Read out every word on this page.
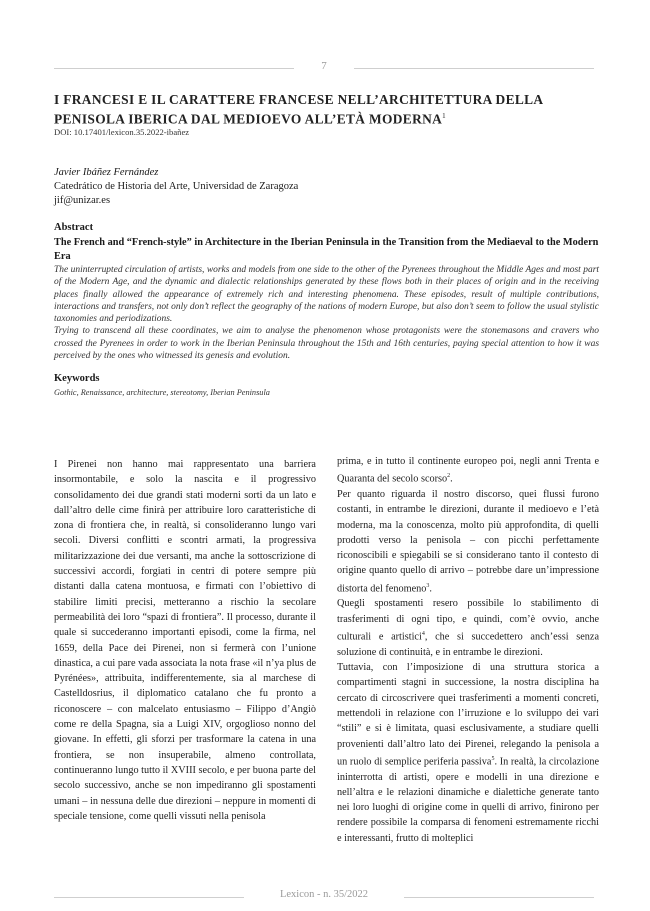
7
I FRANCESI E IL CARATTERE FRANCESE NELL’ARCHITETTURA DELLA PENISOLA IBERICA DAL MEDIOEVO ALL’ETÀ MODERNA$^1$
DOI: 10.17401/lexicon.35.2022-ibañez
Javier Ibáñez Fernández
Catedrático de Historia del Arte, Universidad de Zaragoza
jif@unizar.es
Abstract
The French and “French-style” in Architecture in the Iberian Peninsula in the Transition from the Mediaeval to the Modern Era

The uninterrupted circulation of artists, works and models from one side to the other of the Pyrenees throughout the Middle Ages and most part of the Modern Age, and the dynamic and dialectic relationships generated by these flows both in their places of origin and in the receiving places finally allowed the appearance of extremely rich and interesting phenomena. These episodes, result of multiple contributions, interactions and transfers, not only don’t reflect the geography of the nations of modern Europe, but also don’t seem to follow the usual stylistic taxonomies and periodizations.

Trying to transcend all these coordinates, we aim to analyse the phenomenon whose protagonists were the stonemasons and cravers who crossed the Pyrenees in order to work in the Iberian Peninsula throughout the 15th and 16th centuries, paying special attention to how it was perceived by the ones who witnessed its genesis and evolution.

Keywords
Gothic, Renaissance, architecture, stereotomy, Iberian Peninsula

I Pirenei non hanno mai rappresentato una barriera insormontabile, e solo la nascita e il progressivo consolidamento dei due grandi stati moderni sorti da un lato e dall’altro delle cime finirà per attribuire loro caratteristiche di zona di frontiera che, in realtà, si consolideranno lungo vari secoli. Diversi conflitti e scontri armati, la progressiva militarizzazione dei due versanti, ma anche la sottoscrizione di successivi accordi, forgiati in centri di potere sempre più distanti dalla catena montuosa, e firmati con l’obiettivo di stabilire limiti precisi, metteranno a rischio la secolare permeabilità dei loro “spazi di frontiera”. Il processo, durante il quale si succederanno importanti episodi, come la firma, nel 1659, della Pace dei Pirenei, non si fermerà con l’unione dinastica, a cui pare vada associata la nota frase «il n’ya plus de Pyrénées», attribuita, indifferentemente, sia al marchese di Castelldosrius, il diplomatico catalano che fu pronto a riconoscere – con malcelato entusiasmo – Filippo d’Angiò come re della Spagna, sia a Luigi XIV, orgoglioso nonno del giovane. In effetti, gli sforzi per trasformare la catena in una frontiera, se non insuperabile, almeno controllata, continueranno lungo tutto il XVIII secolo, e per buona parte del secolo successivo, anche se non impediranno gli spostamenti umani – in nessuna delle due direzioni – neppure in momenti di speciale tensione, come quelli vissuti nella penisola

prima, e in tutto il continente europeo poi, negli anni Trenta e Quaranta del secolo scorso$^2$.

Per quanto riguarda il nostro discorso, quei flussi furono costanti, in entrambe le direzioni, durante il medioevo e l’età moderna, ma la conoscenza, molto più approfondita, di quelli prodotti verso la penisola – con picchi perfettamente riconoscibili e spiegabili se si considerano tanto il contesto di origine quanto quello di arrivo – potrebbe dare un’impressione distorta del fenomeno$^3$.

Quegli spostamenti resero possibile lo stabilimento di trasferimenti di ogni tipo, e quindi, com’è ovvio, anche culturali e artistici$^4$, che si succedettero anch’essi senza soluzione di continuità, e in entrambe le direzioni.

Tuttavia, con l’imposizione di una struttura storica a compartimenti stagni in successione, la nostra disciplina ha cercato di circoscrivere quei trasferimenti a momenti concreti, mettendoli in relazione con l’irruzione e lo sviluppo dei vari “stili” e si è limitata, quasi esclusivamente, a studiare quelli provenienti dall’altro lato dei Pirenei, relegando la penisola a un ruolo di semplice periferia passiva$^5$. In realtà, la circolazione ininterrotta di artisti, opere e modelli in una direzione e nell’altra e le relazioni dinamiche e dialettiche generate tanto nei loro luoghi di origine come in quelli di arrivo, finirono per rendere possibile la comparsa di fenomeni estremamente ricchi e interessanti, frutto di molteplici

Lexicon - n. 35/2022
